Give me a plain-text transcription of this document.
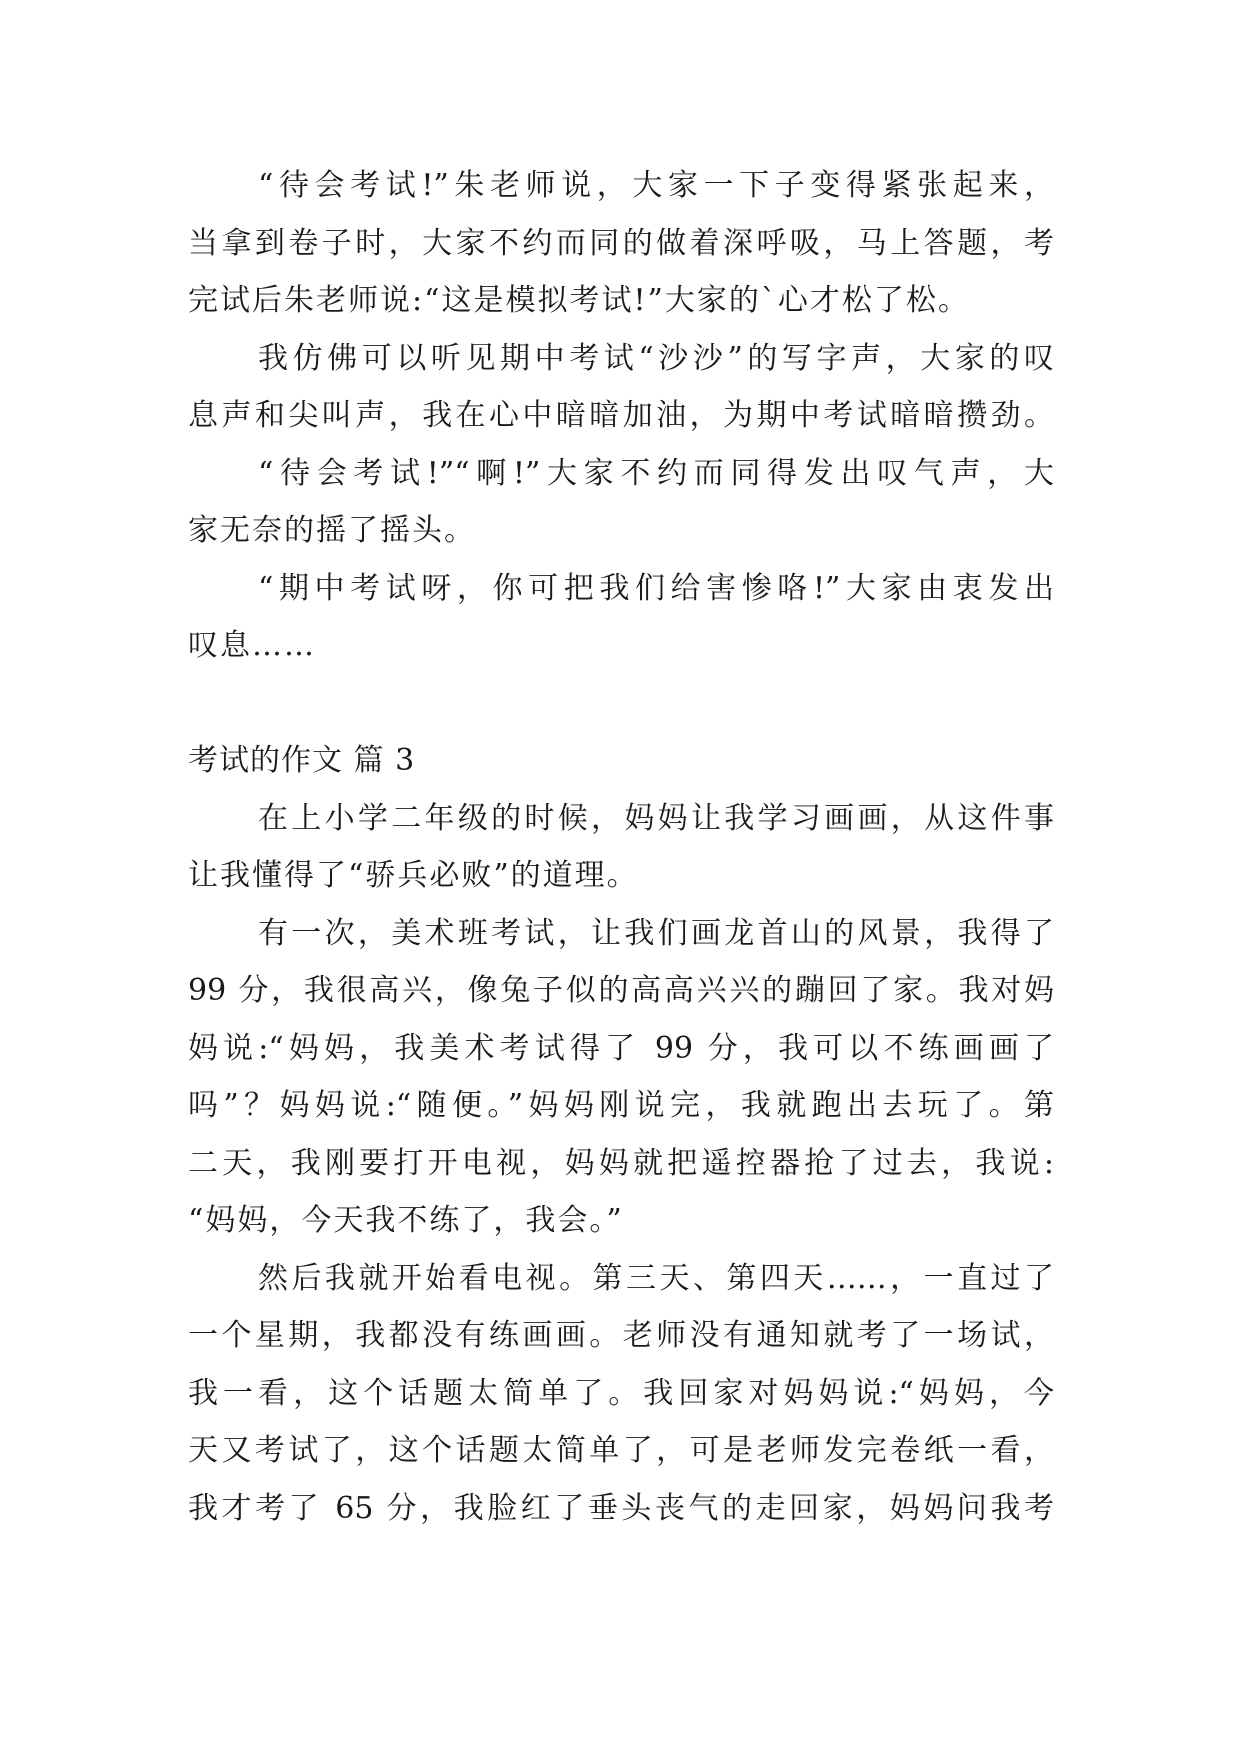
“待会考试!”朱老师说，大家一下子变得紧张起来，
当拿到卷子时，大家不约而同的做着深呼吸，马上答题，考
完试后朱老师说:“这是模拟考试!”大家的`心才松了松。
我仿佛可以听见期中考试“沙沙”的写字声，大家的叹
息声和尖叫声，我在心中暗暗加油，为期中考试暗暗攒劲。
“待会考试!”“啊!”大家不约而同得发出叹气声，大
家无奈的摇了摇头。
“期中考试呀，你可把我们给害惨咯!”大家由衷发出
叹息……
考试的作文 篇 3
在上小学二年级的时候，妈妈让我学习画画，从这件事
让我懂得了“骄兵必败”的道理。
有一次，美术班考试，让我们画龙首山的风景，我得了
99 分，我很高兴，像兔子似的高高兴兴的蹦回了家。我对妈
妈说:“妈妈，我美术考试得了 99 分，我可以不练画画了
吗”？妈妈说:“随便。”妈妈刚说完，我就跑出去玩了。第
二天，我刚要打开电视，妈妈就把遥控器抢了过去，我说:
“妈妈，今天我不练了，我会。”
然后我就开始看电视。第三天、第四天……，一直过了
一个星期，我都没有练画画。老师没有通知就考了一场试，
我一看，这个话题太简单了。我回家对妈妈说:“妈妈，今
天又考试了，这个话题太简单了，可是老师发完卷纸一看，
我才考了 65 分，我脸红了垂头丧气的走回家，妈妈问我考
